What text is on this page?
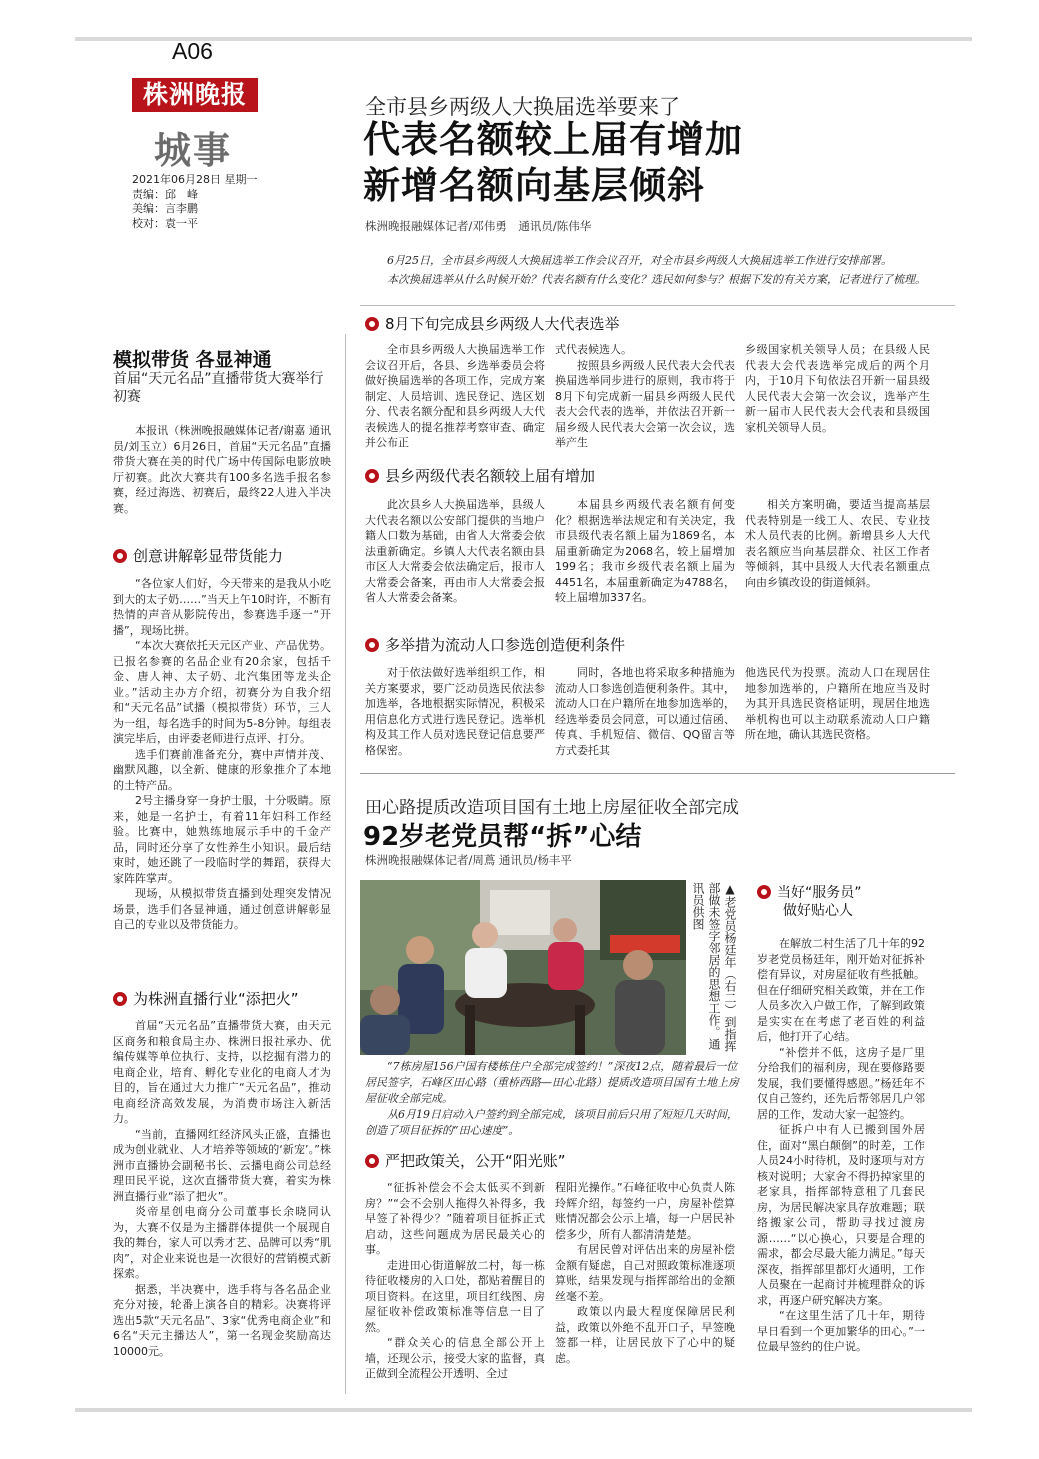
A06
株洲晚报
城事
2021年06月28日 星期一
责编：邱　峰
美编：言李鹏
校对：袁一平
全市县乡两级人大换届选举要来了
代表名额较上届有增加
新增名额向基层倾斜
株洲晚报融媒体记者/邓伟勇　通讯员/陈伟华

6月25日，全市县乡两级人大换届选举工作会议召开，对全市县乡两级人大换届选举工作进行安排部署。

本次换届选举从什么时候开始？代表名额有什么变化？选民如何参与？根据下发的有关方案，记者进行了梳理。

8月下旬完成县乡两级人大代表选举

全市县乡两级人大换届选举工作会议召开后，各县、乡选举委员会将做好换届选举的各项工作，完成方案制定、人员培训、选民登记、选区划分、代表名额分配和县乡两级人大代表候选人的提名推荐考察审查、确定并公布正

式代表候选人。

按照县乡两级人民代表大会代表换届选举同步进行的原则，我市将于8月下旬完成新一届县乡两级人民代表大会代表的选举，并依法召开新一届乡级人民代表大会第一次会议，选举产生

乡级国家机关领导人员；在县级人民代表大会代表选举完成后的两个月内，于10月下旬依法召开新一届县级人民代表大会第一次会议，选举产生新一届市人民代表大会代表和县级国家机关领导人员。

县乡两级代表名额较上届有增加

此次县乡人大换届选举，县级人大代表名额以公安部门提供的当地户籍人口数为基础，由省人大常委会依法重新确定。乡镇人大代表名额由县市区人大常委会依法确定后，报市人大常委会备案，再由市人大常委会报省人大常委会备案。

本届县乡两级代表名额有何变化？根据选举法规定和有关决定，我市县级代表名额上届为1869名，本届重新确定为2068名，较上届增加199名；我市乡级代表名额上届为4451名，本届重新确定为4788名，较上届增加337名。

相关方案明确，要适当提高基层代表特别是一线工人、农民、专业技术人员代表的比例。新增县乡人大代表名额应当向基层群众、社区工作者等倾斜，其中县级人大代表名额重点向由乡镇改设的街道倾斜。

多举措为流动人口参选创造便利条件

对于依法做好选举组织工作，相关方案要求，要广泛动员选民依法参加选举，各地根据实际情况，积极采用信息化方式进行选民登记。选举机构及其工作人员对选民登记信息要严格保密。

同时，各地也将采取多种措施为流动人口参选创造便利条件。其中，流动人口在户籍所在地参加选举的，经选举委员会同意，可以通过信函、传真、手机短信、微信、QQ留言等方式委托其

他选民代为投票。流动人口在现居住地参加选举的，户籍所在地应当及时为其开具选民资格证明，现居住地选举机构也可以主动联系流动人口户籍所在地，确认其选民资格。

模拟带货 各显神通
首届“天元名品”直播带货大赛举行初赛

本报讯（株洲晚报融媒体记者/谢嘉 通讯员/刘玉立）6月26日，首届“天元名品”直播带货大赛在美的时代广场中传国际电影放映厅初赛。此次大赛共有100多名选手报名参赛，经过海选、初赛后，最终22人进入半决赛。

创意讲解彰显带货能力

“各位家人们好，今天带来的是我从小吃到大的太子奶……”当天上午10时许，不断有热情的声音从影院传出，参赛选手逐一“开播”，现场比拼。

“本次大赛依托天元区产业、产品优势。已报名参赛的名品企业有20余家，包括千金、唐人神、太子奶、北汽集团等龙头企业。”活动主办方介绍，初赛分为自我介绍和“天元名品”试播（模拟带货）环节，三人为一组，每名选手的时间为5-8分钟。每组表演完毕后，由评委老师进行点评、打分。

选手们赛前准备充分，赛中声情并茂、幽默风趣，以全新、健康的形象推介了本地的土特产品。

2号主播身穿一身护士服，十分吸睛。原来，她是一名护士，有着11年妇科工作经验。比赛中，她熟练地展示手中的千金产品，同时还分享了女性养生小知识。最后结束时，她还跳了一段临时学的舞蹈，获得大家阵阵掌声。

现场，从模拟带货直播到处理突发情况场景，选手们各显神通，通过创意讲解彰显自己的专业以及带货能力。

为株洲直播行业“添把火”

首届“天元名品”直播带货大赛，由天元区商务和粮食局主办、株洲日报社承办、优编传媒等单位执行、支持，以挖掘有潜力的电商企业，培育、孵化专业化的电商人才为目的，旨在通过大力推广“天元名品”，推动电商经济高效发展，为消费市场注入新活力。

“当前，直播网红经济风头正盛，直播也成为创业就业、人才培养等领域的‘新宠’。”株洲市直播协会副秘书长、云播电商公司总经理田民平说，这次直播带货大赛，着实为株洲直播行业“添了把火”。

炎帝星创电商分公司董事长余晓同认为，大赛不仅是为主播群体提供一个展现自我的舞台，家人可以秀才艺、品牌可以秀“肌肉”，对企业来说也是一次很好的营销模式新探索。

据悉，半决赛中，选手将与各名品企业充分对接，轮番上演各自的精彩。决赛将评选出5款“天元名品”、3家“优秀电商企业”和6名“天元主播达人”，第一名现金奖励高达10000元。

田心路提质改造项目国有土地上房屋征收全部完成
92岁老党员帮“拆”心结
株洲晚报融媒体记者/周蔦 通讯员/杨丰平
▲老党员杨廷年（右二）到指挥部做未签字邻居的思想工作。通讯员供图

“7栋房屋156户国有楼栋住户全部完成签约！”深夜12点，随着最后一位居民签字，石峰区田心路（重桥西路—田心北路）提质改造项目国有土地上房屋征收全部完成。

从6月19日启动入户签约到全部完成，该项目前后只用了短短几天时间，创造了项目征拆的“田心速度”。

严把政策关，公开“阳光账”

“征拆补偿会不会太低买不到新房？”“会不会别人拖得久补得多，我早签了补得少？”随着项目征拆正式启动，这些问题成为居民最关心的事。

走进田心街道解放二村，每一栋待征收楼房的入口处，都贴着醒目的项目资料。在这里，项目红线图、房屋征收补偿政策标准等信息一目了然。

“群众关心的信息全部公开上墙，还现公示，接受大家的监督，真正做到全流程公开透明、全过

程阳光操作。”石峰征收中心负责人陈玲辉介绍，每签约一户，房屋补偿算账情况都会公示上墙，每一户居民补偿多少，所有人都清清楚楚。

有居民曾对评估出来的房屋补偿金额有疑虑，自己对照政策标准逐项算账，结果发现与指挥部给出的金额丝毫不差。

政策以内最大程度保障居民利益，政策以外绝不乱开口子，早签晚签都一样，让居民放下了心中的疑虑。

当好“服务员”
做好贴心人

在解放二村生活了几十年的92岁老党员杨廷年，刚开始对征拆补偿有异议，对房屋征收有些抵触。但在仔细研究相关政策，并在工作人员多次入户做工作，了解到政策是实实在在考虑了老百姓的利益后，他打开了心结。

“补偿并不低，这房子是厂里分给我们的福利房，现在要修路要发展，我们要懂得感恩。”杨廷年不仅自己签约，还先后帮邻居几户邻居的工作，发动大家一起签约。

征拆户中有人已搬到国外居住，面对“黑白颠倒”的时差，工作人员24小时待机，及时逐项与对方核对说明；大家舍不得扔掉家里的老家具，指挥部特意租了几套民房，为居民解决家具存放难题；联络搬家公司，帮助寻找过渡房源……“以心换心，只要是合理的需求，都会尽最大能力满足。”每天深夜，指挥部里都灯火通明，工作人员聚在一起商讨并梳理群众的诉求，再逐户研究解决方案。

“在这里生活了几十年，期待早日看到一个更加繁华的田心。”一位最早签约的住户说。
